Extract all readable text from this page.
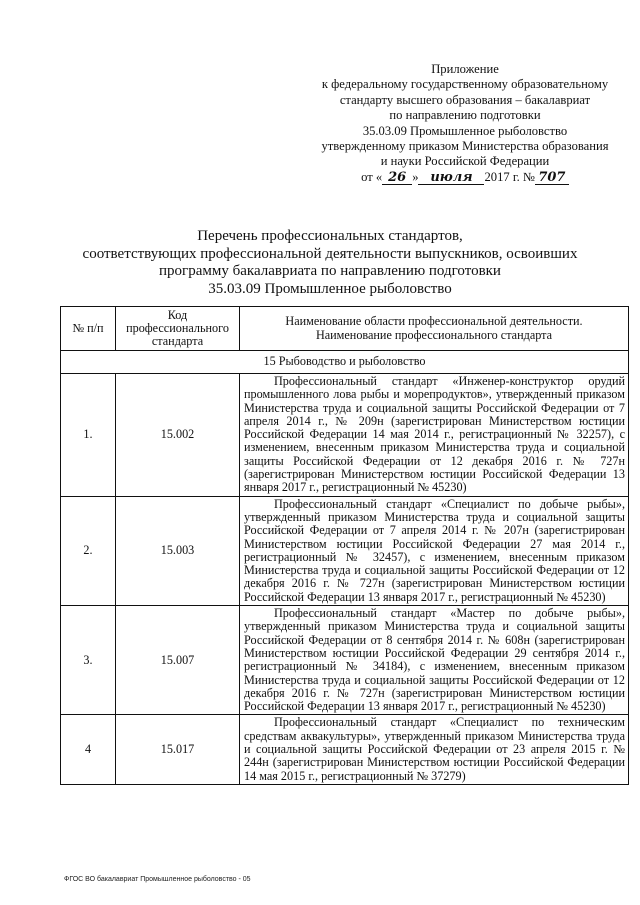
Приложение
к федеральному государственному образовательному
стандарту высшего образования – бакалавриат
по направлению подготовки
35.03.09 Промышленное рыболовство
утвержденному приказом Министерства образования
и науки Российской Федерации
от « 26 » июля 2017 г. № 707
Перечень профессиональных стандартов,
соответствующих профессиональной деятельности выпускников, освоивших
программу бакалавриата по направлению подготовки
35.03.09 Промышленное рыболовство
№ п/п	Код профессионального стандарта	Наименование области профессиональной деятельности. Наименование профессионального стандарта
15 Рыбоводство и рыболовство		
1.	15.002	Профессиональный стандарт «Инженер-конструктор орудий промышленного лова рыбы и морепродуктов», утвержденный приказом Министерства труда и социальной защиты Российской Федерации от 7 апреля 2014 г., № 209н (зарегистрирован Министерством юстиции Российской Федерации 14 мая 2014 г., регистрационный № 32257), с изменением, внесенным приказом Министерства труда и социальной защиты Российской Федерации от 12 декабря 2016 г. № 727н (зарегистрирован Министерством юстиции Российской Федерации 13 января 2017 г., регистрационный № 45230)
2.	15.003	Профессиональный стандарт «Специалист по добыче рыбы», утвержденный приказом Министерства труда и социальной защиты Российской Федерации от 7 апреля 2014 г. № 207н (зарегистрирован Министерством юстиции Российской Федерации 27 мая 2014 г., регистрационный № 32457), с изменением, внесенным приказом Министерства труда и социальной защиты Российской Федерации от 12 декабря 2016 г. № 727н (зарегистрирован Министерством юстиции Российской Федерации 13 января 2017 г., регистрационный № 45230)
3.	15.007	Профессиональный стандарт «Мастер по добыче рыбы», утвержденный приказом Министерства труда и социальной защиты Российской Федерации от 8 сентября 2014 г. № 608н (зарегистрирован Министерством юстиции Российской Федерации 29 сентября 2014 г., регистрационный № 34184), с изменением, внесенным приказом Министерства труда и социальной защиты Российской Федерации от 12 декабря 2016 г. № 727н (зарегистрирован Министерством юстиции Российской Федерации 13 января 2017 г., регистрационный № 45230)
4	15.017	Профессиональный стандарт «Специалист по техническим средствам аквакультуры», утвержденный приказом Министерства труда и социальной защиты Российской Федерации от 23 апреля 2015 г. № 244н (зарегистрирован Министерством юстиции Российской Федерации 14 мая 2015 г., регистрационный № 37279)
ФГОС ВО бакалавриат Промышленное рыболовство - 05
